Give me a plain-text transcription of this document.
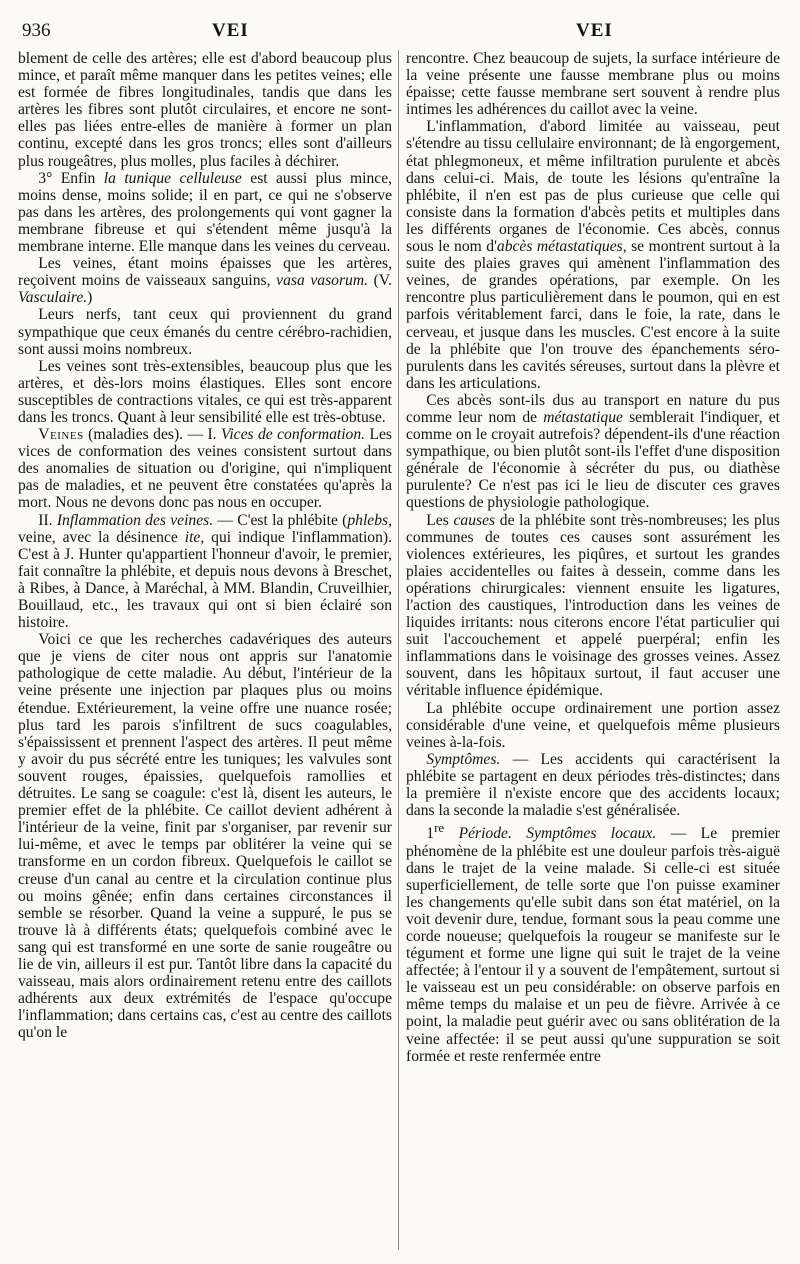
936	VEI	VEI

blement de celle des artères; elle est d'abord beaucoup plus mince, et paraît même manquer dans les petites veines; elle est formée de fibres longitudinales, tandis que dans les artères les fibres sont plutôt circulaires, et encore ne sont-elles pas liées entre-elles de manière à former un plan continu, excepté dans les gros troncs; elles sont d'ailleurs plus rougeâtres, plus molles, plus faciles à déchirer.

3° Enfin la tunique celluleuse est aussi plus mince, moins dense, moins solide; il en part, ce qui ne s'observe pas dans les artères, des prolongements qui vont gagner la membrane fibreuse et qui s'étendent même jusqu'à la membrane interne. Elle manque dans les veines du cerveau.

Les veines, étant moins épaisses que les artères, reçoivent moins de vaisseaux sanguins, vasa vasorum. (V. Vasculaire.)

Leurs nerfs, tant ceux qui proviennent du grand sympathique que ceux émanés du centre cérébro-rachidien, sont aussi moins nombreux.

Les veines sont très-extensibles, beaucoup plus que les artères, et dès-lors moins élastiques. Elles sont encore susceptibles de contractions vitales, ce qui est très-apparent dans les troncs. Quant à leur sensibilité elle est très-obtuse.

Veines (maladies des). — I. Vices de conformation. Les vices de conformation des veines consistent surtout dans des anomalies de situation ou d'origine, qui n'impliquent pas de maladies, et ne peuvent être constatées qu'après la mort. Nous ne devons donc pas nous en occuper.

II. Inflammation des veines. — C'est la phlébite (phlebs, veine, avec la désinence ite, qui indique l'inflammation). C'est à J. Hunter qu'appartient l'honneur d'avoir, le premier, fait connaître la phlébite, et depuis nous devons à Breschet, à Ribes, à Dance, à Maréchal, à MM. Blandin, Cruveilhier, Bouillaud, etc., les travaux qui ont si bien éclairé son histoire.

Voici ce que les recherches cadavériques des auteurs que je viens de citer nous ont appris sur l'anatomie pathologique de cette maladie. Au début, l'intérieur de la veine présente une injection par plaques plus ou moins étendue. Extérieurement, la veine offre une nuance rosée; plus tard les parois s'infiltrent de sucs coagulables, s'épaississent et prennent l'aspect des artères. Il peut même y avoir du pus sécrété entre les tuniques; les valvules sont souvent rouges, épaissies, quelquefois ramollies et détruites. Le sang se coagule: c'est là, disent les auteurs, le premier effet de la phlébite. Ce caillot devient adhérent à l'intérieur de la veine, finit par s'organiser, par revenir sur lui-même, et avec le temps par oblitérer la veine qui se transforme en un cordon fibreux. Quelquefois le caillot se creuse d'un canal au centre et la circulation continue plus ou moins gênée; enfin dans certaines circonstances il semble se résorber. Quand la veine a suppuré, le pus se trouve là à différents états; quelquefois combiné avec le sang qui est transformé en une sorte de sanie rougeâtre ou lie de vin, ailleurs il est pur. Tantôt libre dans la capacité du vaisseau, mais alors ordinairement retenu entre des caillots adhérents aux deux extrémités de l'espace qu'occupe l'inflammation; dans certains cas, c'est au centre des caillots qu'on le

rencontre. Chez beaucoup de sujets, la surface intérieure de la veine présente une fausse membrane plus ou moins épaisse; cette fausse membrane sert souvent à rendre plus intimes les adhérences du caillot avec la veine.

L'inflammation, d'abord limitée au vaisseau, peut s'étendre au tissu cellulaire environnant; de là engorgement, état phlegmoneux, et même infiltration purulente et abcès dans celui-ci. Mais, de toute les lésions qu'entraîne la phlébite, il n'en est pas de plus curieuse que celle qui consiste dans la formation d'abcès petits et multiples dans les différents organes de l'économie. Ces abcès, connus sous le nom d'abcès métastatiques, se montrent surtout à la suite des plaies graves qui amènent l'inflammation des veines, de grandes opérations, par exemple. On les rencontre plus particulièrement dans le poumon, qui en est parfois véritablement farci, dans le foie, la rate, dans le cerveau, et jusque dans les muscles. C'est encore à la suite de la phlébite que l'on trouve des épanchements séro-purulents dans les cavités séreuses, surtout dans la plèvre et dans les articulations.

Ces abcès sont-ils dus au transport en nature du pus comme leur nom de métastatique semblerait l'indiquer, et comme on le croyait autrefois? dépendent-ils d'une réaction sympathique, ou bien plutôt sont-ils l'effet d'une disposition générale de l'économie à sécréter du pus, ou diathèse purulente? Ce n'est pas ici le lieu de discuter ces graves questions de physiologie pathologique.

Les causes de la phlébite sont très-nombreuses; les plus communes de toutes ces causes sont assurément les violences extérieures, les piqûres, et surtout les grandes plaies accidentelles ou faites à dessein, comme dans les opérations chirurgicales: viennent ensuite les ligatures, l'action des caustiques, l'introduction dans les veines de liquides irritants: nous citerons encore l'état particulier qui suit l'accouchement et appelé puerpéral; enfin les inflammations dans le voisinage des grosses veines. Assez souvent, dans les hôpitaux surtout, il faut accuser une véritable influence épidémique.

La phlébite occupe ordinairement une portion assez considérable d'une veine, et quelquefois même plusieurs veines à-la-fois.

Symptômes. — Les accidents qui caractérisent la phlébite se partagent en deux périodes très-distinctes; dans la première il n'existe encore que des accidents locaux; dans la seconde la maladie s'est généralisée.

1re Période. Symptômes locaux. — Le premier phénomène de la phlébite est une douleur parfois très-aiguë dans le trajet de la veine malade. Si celle-ci est située superficiellement, de telle sorte que l'on puisse examiner les changements qu'elle subit dans son état matériel, on la voit devenir dure, tendue, formant sous la peau comme une corde noueuse; quelquefois la rougeur se manifeste sur le tégument et forme une ligne qui suit le trajet de la veine affectée; à l'entour il y a souvent de l'empâtement, surtout si le vaisseau est un peu considérable: on observe parfois en même temps du malaise et un peu de fièvre. Arrivée à ce point, la maladie peut guérir avec ou sans oblitération de la veine affectée: il se peut aussi qu'une suppuration se soit formée et reste renfermée entre
